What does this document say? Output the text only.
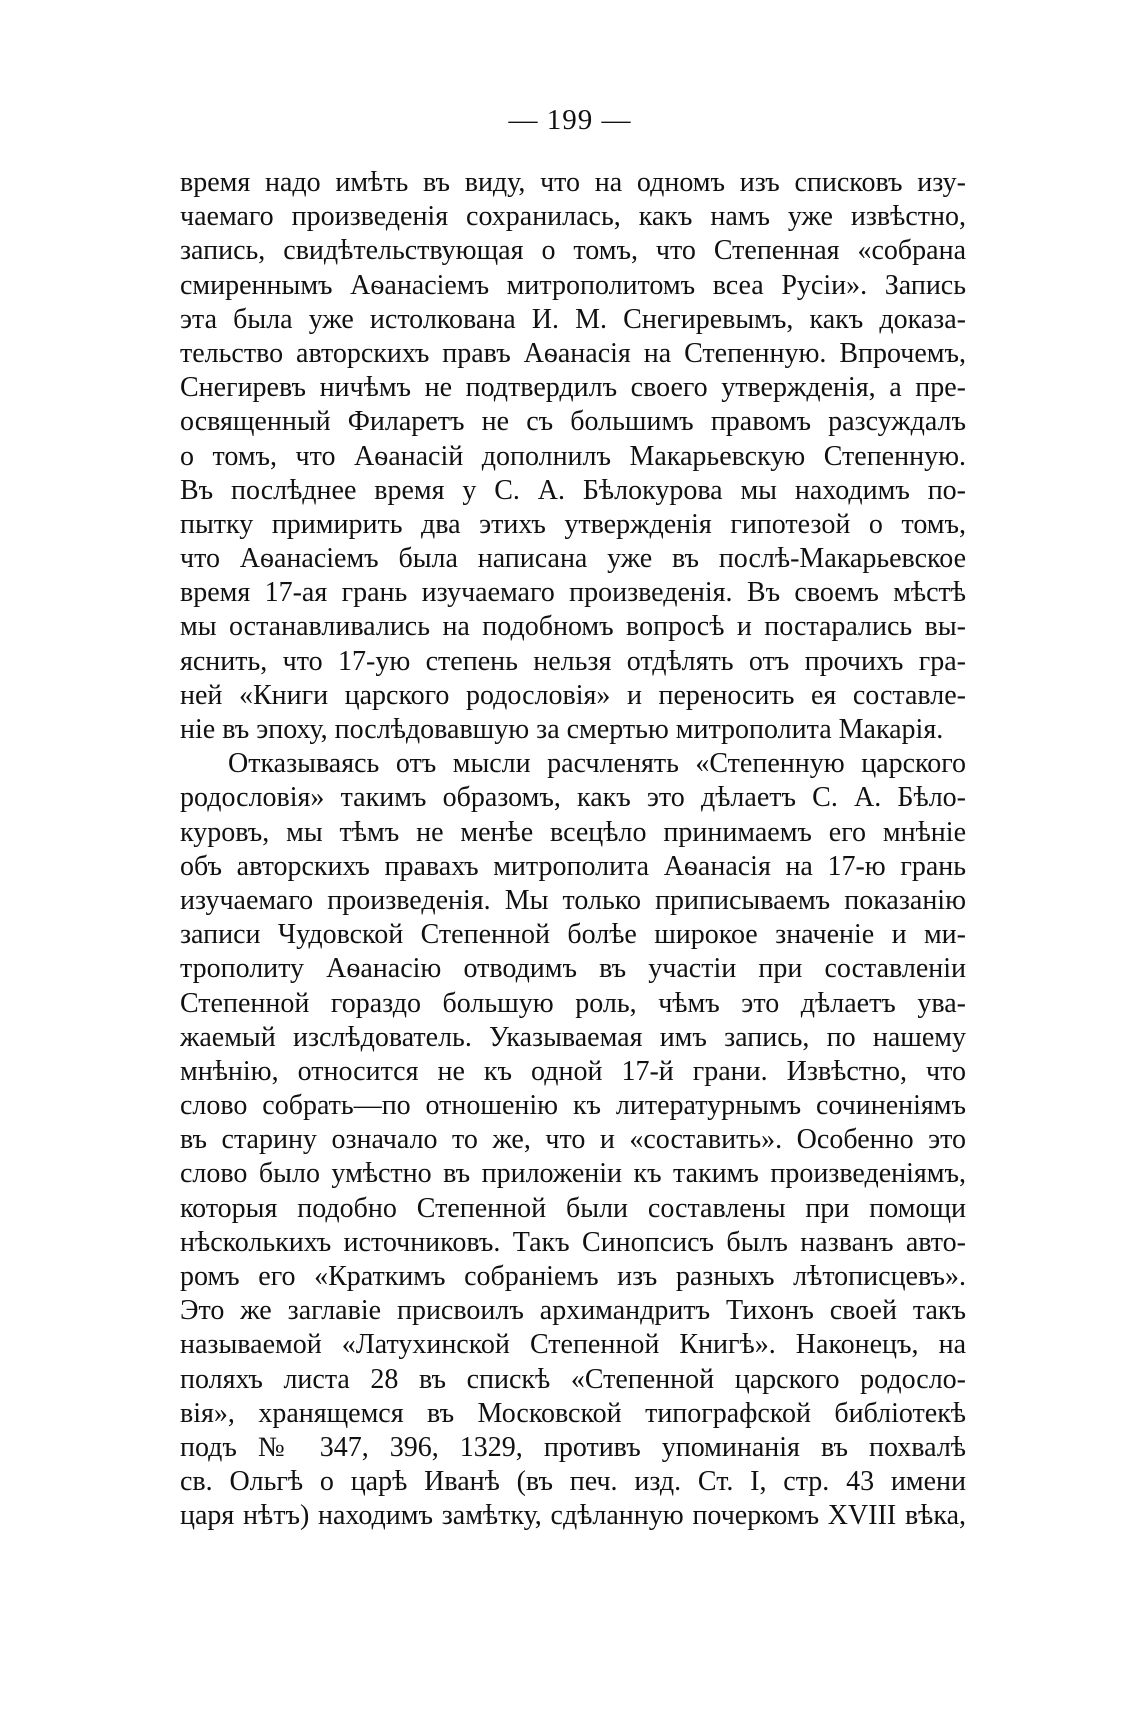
— 199 —
время надо имѣть въ виду, что на одномъ изъ списковъ изу-
чаемаго произведенія сохранилась, какъ намъ уже извѣстно,
запись, свидѣтельствующая о томъ, что Степенная «собрана
смиреннымъ Аѳанасіемъ митрополитомъ всеа Русіи». Запись
эта была уже истолкована И. М. Снегиревымъ, какъ доказа-
тельство авторскихъ правъ Аѳанасія на Степенную. Впрочемъ,
Снегиревъ ничѣмъ не подтвердилъ своего утвержденія, а пре-
освященный Филаретъ не съ большимъ правомъ разсуждалъ
о томъ, что Аѳанасій дополнилъ Макарьевскую Степенную.
Въ послѣднее время у С. А. Бѣлокурова мы находимъ по-
пытку примирить два этихъ утвержденія гипотезой о томъ,
что Аѳанасіемъ была написана уже въ послѣ-Макарьевское
время 17-ая грань изучаемаго произведенія. Въ своемъ мѣстѣ
мы останавливались на подобномъ вопросѣ и постарались вы-
яснить, что 17-ую степень нельзя отдѣлять отъ прочихъ гра-
ней «Книги царского родословія» и переносить ея составле-
ніе въ эпоху, послѣдовавшую за смертью митрополита Макарія.
Отказываясь отъ мысли расчленять «Степенную царского
родословія» такимъ образомъ, какъ это дѣлаетъ С. А. Бѣло-
куровъ, мы тѣмъ не менѣе всецѣло принимаемъ его мнѣніе
объ авторскихъ правахъ митрополита Аѳанасія на 17-ю грань
изучаемаго произведенія. Мы только приписываемъ показанію
записи Чудовской Степенной болѣе широкое значеніе и ми-
трополиту Аѳанасію отводимъ въ участіи при составленіи
Степенной гораздо большую роль, чѣмъ это дѣлаетъ ува-
жаемый изслѣдователь. Указываемая имъ запись, по нашему
мнѣнію, относится не къ одной 17-й грани. Извѣстно, что
слово собрать—по отношенію къ литературнымъ сочиненіямъ
въ старину означало то же, что и «составить». Особенно это
слово было умѣстно въ приложеніи къ такимъ произведеніямъ,
которыя подобно Степенной были составлены при помощи
нѣсколькихъ источниковъ. Такъ Синопсисъ былъ названъ авто-
ромъ его «Краткимъ собраніемъ изъ разныхъ лѣтописцевъ».
Это же заглавіе присвоилъ архимандритъ Тихонъ своей такъ
называемой «Латухинской Степенной Книгѣ». Наконецъ, на
поляхъ листа 28 въ спискѣ «Степенной царского родосло-
вія», хранящемся въ Московской типографской библіотекѣ
подъ № 347, 396, 1329, противъ упоминанія въ похвалѣ
св. Ольгѣ о царѣ Иванѣ (въ печ. изд. Ст. I, стр. 43 имени
царя нѣтъ) находимъ замѣтку, сдѣланную почеркомъ XVIII вѣка,
